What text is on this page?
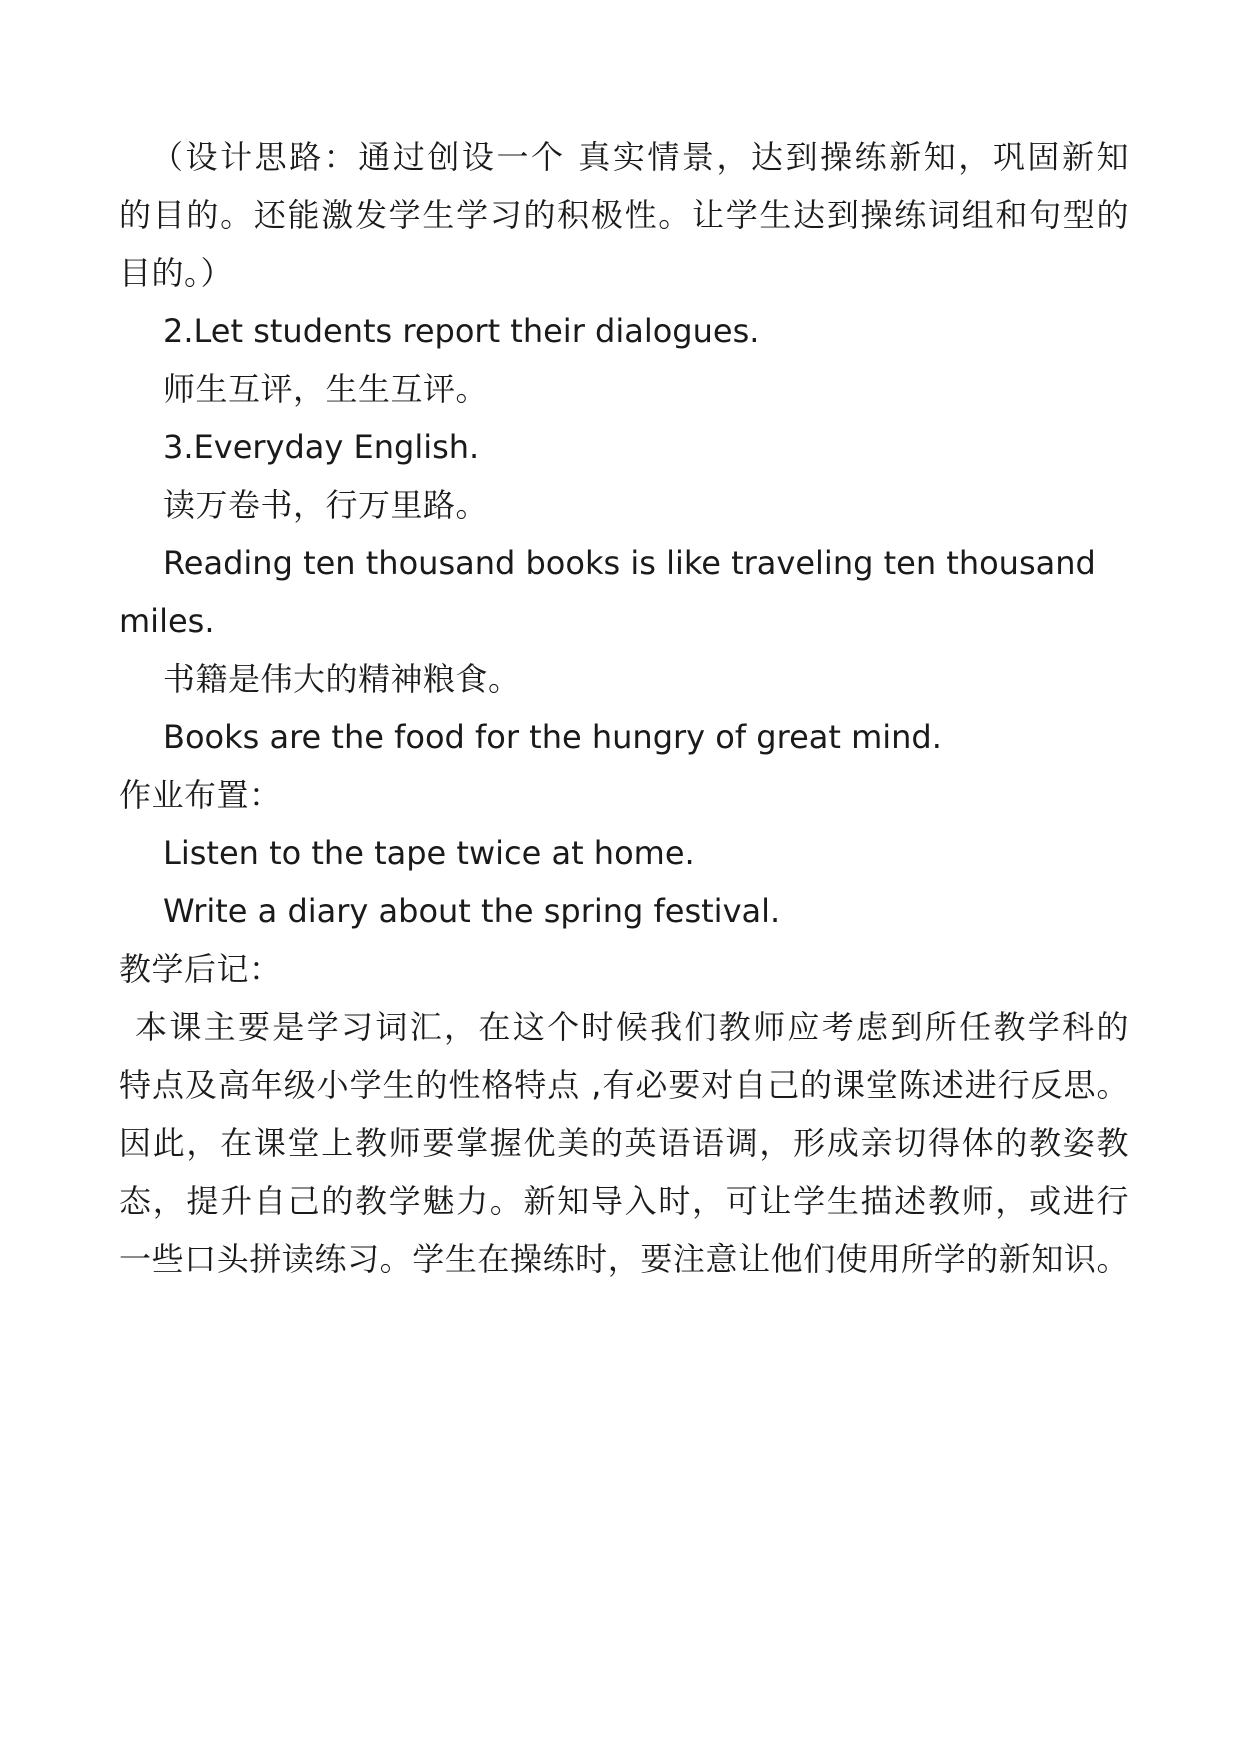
（设计思路：通过创设一个 真实情景，达到操练新知，巩固新知
的目的。还能激发学生学习的积极性。让学生达到操练词组和句型的
目的。）
2.Let students report their dialogues.
师生互评，生生互评。
3.Everyday English.
读万卷书，行万里路。
Reading ten thousand books is like traveling ten thousand
miles.
书籍是伟大的精神粮食。
Books are the food for the hungry of great mind.
作业布置：
Listen to the tape twice at home.
Write a diary about the spring festival.
教学后记：
本课主要是学习词汇，在这个时候我们教师应考虑到所任教学科的
特点及高年级小学生的性格特点 ,有必要对自己的课堂陈述进行反思。
因此，在课堂上教师要掌握优美的英语语调，形成亲切得体的教姿教
态，提升自己的教学魅力。新知导入时，可让学生描述教师，或进行
一些口头拼读练习。学生在操练时，要注意让他们使用所学的新知识。
